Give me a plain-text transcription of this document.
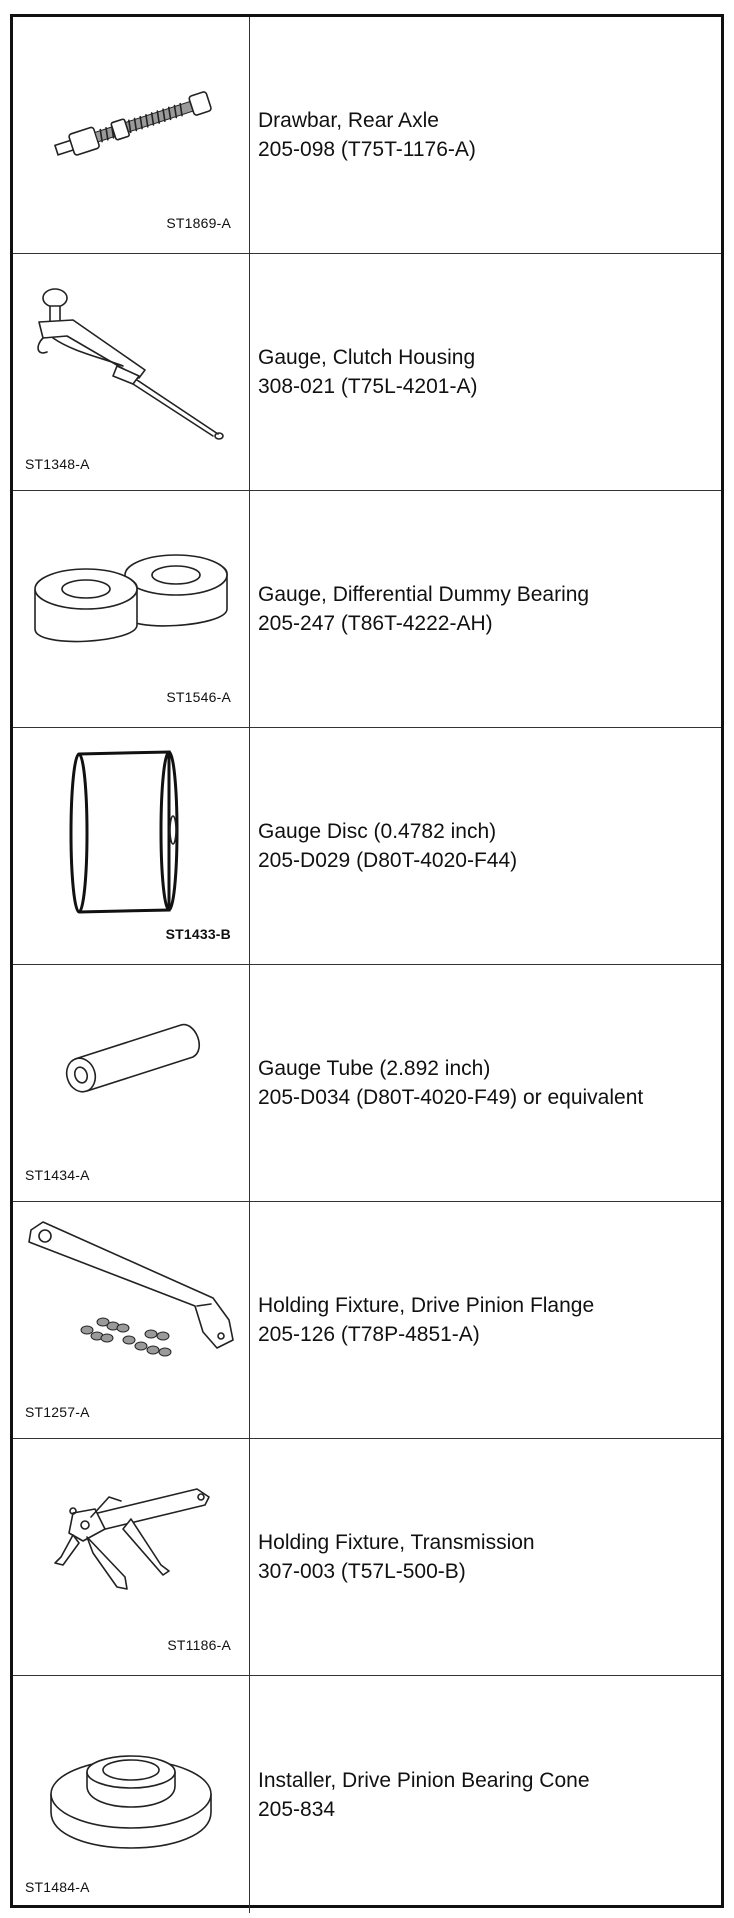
ST1869-A
Drawbar, Rear Axle
205-098 (T75T-1176-A)
ST1348-A
Gauge, Clutch Housing
308-021 (T75L-4201-A)
ST1546-A
Gauge, Differential Dummy Bearing
205-247 (T86T-4222-AH)
ST1433-B
Gauge Disc (0.4782 inch)
205-D029 (D80T-4020-F44)
ST1434-A
Gauge Tube (2.892 inch)
205-D034 (D80T-4020-F49) or equivalent
ST1257-A
Holding Fixture, Drive Pinion Flange
205-126 (T78P-4851-A)
ST1186-A
Holding Fixture, Transmission
307-003 (T57L-500-B)
ST1484-A
Installer, Drive Pinion Bearing Cone
205-834
